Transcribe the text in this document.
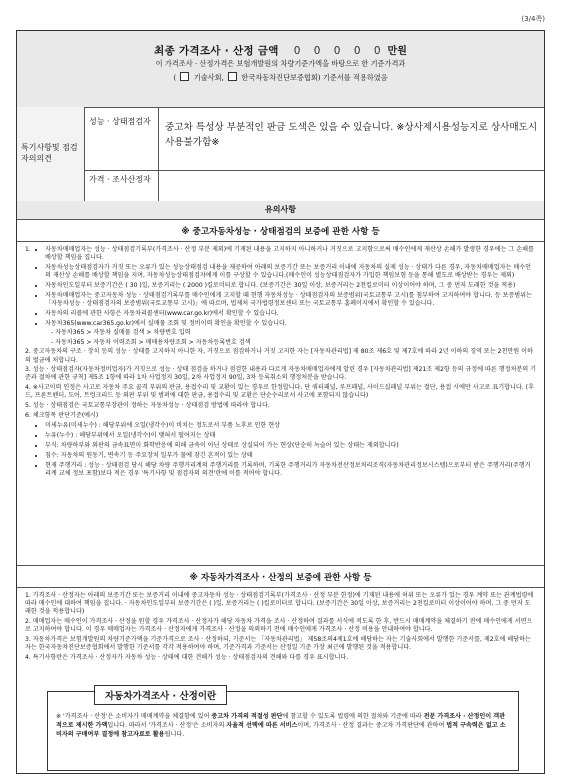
(3/4쪽)
최종 가격조사 · 산정 금액 0 0 0 0 0 만원
이 가격조사 · 산정가격은 보험개발원의 차량기준가액을 바탕으로 한 기준가격과
( 기술사회,  한국자동차진단보증협회) 기준서를 적용하였음
특기사항및 점검자의의견
성능 · 상태점검자
가격 · 조사산정자
중고차 특성상 부분적인 판금 도색은 있을 수 있습니다. ※상사제시용성능지로 상사매도시 사용불가함※
유의사항
※ 중고자동차성능 · 상태점검의 보증에 관한 사항 등
1.
• 자동차매매업자는 성능 · 상태점검기록부(가격조사 · 산정 부분 제외)에 기재된 내용을 고지하지 아니하거나 거짓으로 고지함으로써 매수인에게 재산상 손해가 발생한 경우에는 그 손해를 배상할 책임을 집니다.
• 자동차성능상태점검자가 거짓 또는 오류가 있는 성능상태점검 내용을 제공하여 아래의 보증기간 또는 보증거리 이내에 자동차의 실제 성능 · 상태가 다른 경우, 자동차매매업자는 매수인의 재산상 손해를 배상할 책임을 지며, 자동차성능상태점검자에게 이를 구상할 수 있습니다.(매수인이 성능상태점검자가 가입한 책임보험 등을 통해 별도로 배상받는 경우는 제외)
• 자동차인도일부터 보증기간은 ( 30 )일, 보증거리는 ( 2000 )킬로미터로 합니다. (보증기간은 30일 이상, 보증거리는 2천킬로미터 이상이어야 하며, 그 중 먼저 도래한 것을 적용)
• 자동차매매업자는 중고자동차 성능 · 상태점검기록부를 매수인에게 고지할 때 현행 자동차성능 · 상태점검자의 보증범위(국토교통부 고시)를 첨부하여 고지하여야 합니다. 등 보증범위는 「자동차성능 · 상태점검자의 보증범위(국토교통부 고시)」에 따르며, 법제처 국가법령정보센터 또는 국토교통부 홈페이지에서 확인할 수 있습니다.
• 자동차의 리콜에 관한 사항은 자동차리콜센터(www.car.go.kr)에서 확인할 수 있습니다.
• 자동차365(www.car365.go.kr)에서 실매물 조회 및 정비이력 확인을 확인할 수 있습니다.

- 자동차365 > 자동차 실매물 검색 > 차량번호 입력

- 자동차365 > 자동차 이력조회 > 매매용차량조회 > 자동차등록번호 검색

2. 중고자동차의 구조 · 장치 등의 성능 · 상태를 고지하지 아니한 자, 거짓으로 점검하거나 거짓 고지한 자는 [자동차관리법] 제 80조 제6호 및 제7호에 따라 2년 이하의 징역 또는 2천만원 이하의 벌금에 처합니다.

3. 성능 · 상태점검자(자동차정비업자)가 거짓으로 성능 · 상태 점검을 하거나 점검한 내용과 다르게 자동차매매업자에게 알린 경우 [자동차관리법] 제21조 제2항 등의 규정에 따른 행정처분의 기준과 절차에 관한 규칙] 제5조 1항에 따라 1차 사업정지 30일, 2차 사업정지 90일, 3차 등록취소의 행정처분을 받습니다.

4. ※사고이력 인정은 사고로 자동차 주요 골격 부위의 판금, 용접수리 및 교환이 있는 경우로 한정합니다. 단 쿼터패널, 루프패널, 사이드실패널 부위는 절단, 용접 시에만 사고로 표기합니다. (후드, 프론트펜더, 도어, 트렁크리드 등 외판 부위 및 범퍼에 대한 판금, 용접수리 및 교환은 단순수리로서 사고에 포함되지 않습니다)

5. 성능 · 상태점검은 국토교통부장관이 정하는 자동차성능 · 상태점검 방법에 따라야 합니다.

6. 체크항목 판단기준(예시)

• 미세누유(미세누수) : 해당부위에 오일(냉각수)이 비치는 정도로서 부품 노후로 인한 현상
• 누유(누수) : 해당부위에서 오일(냉각수)이 맺혀서 떨어지는 상태
• 부식: 차량하부와 외판의 금속표면이 화학반응에 의해 금속이 아닌 상태로 상실되어 가는 현상(단순히 녹슬어 있는 상태는 제외합니다)
• 침수: 자동차의 원동기, 변속기 등 주요장치 일부가 물에 잠긴 흔적이 있는 상태
• 현재 주행거리 : 성능 · 상태점검 당시 해당 차량 주행거리계의 주행거리를 기록하며, 기록한 주행거리가 자동차전산정보처리조직(자동차관리정보시스템)으로부터 받은 주행거리(주행거리계 교체 정보 포함)보다 적은 경우 '특기사항 및 점검자의 의견'란에 이를 적어야 합니다.
※ 자동차가격조사 · 산정의 보증에 관한 사항 등

1. 가격조사 · 산정자는 아래의 보증기간 또는 보증거리 이내에 중고자동차 성능 · 상태점검기록부(가격조사 · 산정 부분 한정)에 기재된 내용에 허위 또는 오류가 있는 경우 계약 또는 관계법령에 따라 매수인에 대하여 책임을 집니다. · 자동차인도일부터 보증기간은 ( )일, 보증거리는 ( )킬로미터로 합니다. (보증기간은 30일 이상, 보증거리는 2천킬로미터 이상이어야 하며, 그 중 먼저 도래한 것을 적용합니다)

2. 매매업자는 매수인이 가격조사 · 산정을 원할 경우 가격조사 · 산정자가 해당 자동차 가격을 조사 · 산정하여 결과를 서식에 적도록 한 후, 반드시 매매계약을 체결하기 전에 매수인에게 서면으로 고지하여야 합니다. 이 경우 매매업자는 가격조사 · 산정자에게 가격조사 · 산정을 의뢰하기 전에 매수인에게 가격조사 · 산정 비용을 안내하여야 합니다.

3. 자동차가격은 보험개발원의 차량기준가액을 기준가격으로 조사 · 산정하되, 기준서는 「자동차관리법」 제58조의4제1호에 해당하는 자는 기술사회에서 발행한 기준서를, 제2호에 해당하는 자는 한국자동차진단보증협회에서 발행한 기준서를 각각 적용하여야 하며, 기준가격과 기준서는 산정일 기준 가장 최근에 발행된 것을 적용합니다.

4. 특기사항란은 가격조사 · 산정자가 자동차 성능 · 상태에 대한 견해가 성능 · 상태점검자의 견해와 다를 경우 표시합니다.

자동차가격조사 · 산정이란
※ '가격조사 · 산정'은 소비자가 매매계약을 체결함에 있어 중고차 가격의 적절성 판단에 참고할 수 있도록 법령에 의한 절차와 기준에 따라 전문 가격조사 · 산정인이 객관적으로 제시한 가액입니다. 따라서 '가격조사 · 산정'은 소비자의 자율적 선택에 따른 서비스이며, 가격조사 · 산정 결과는 중고차 가격판단에 관하여 법적 구속력은 없고 소비자의 구매여부 결정에 참고자료로 활용됩니다.
